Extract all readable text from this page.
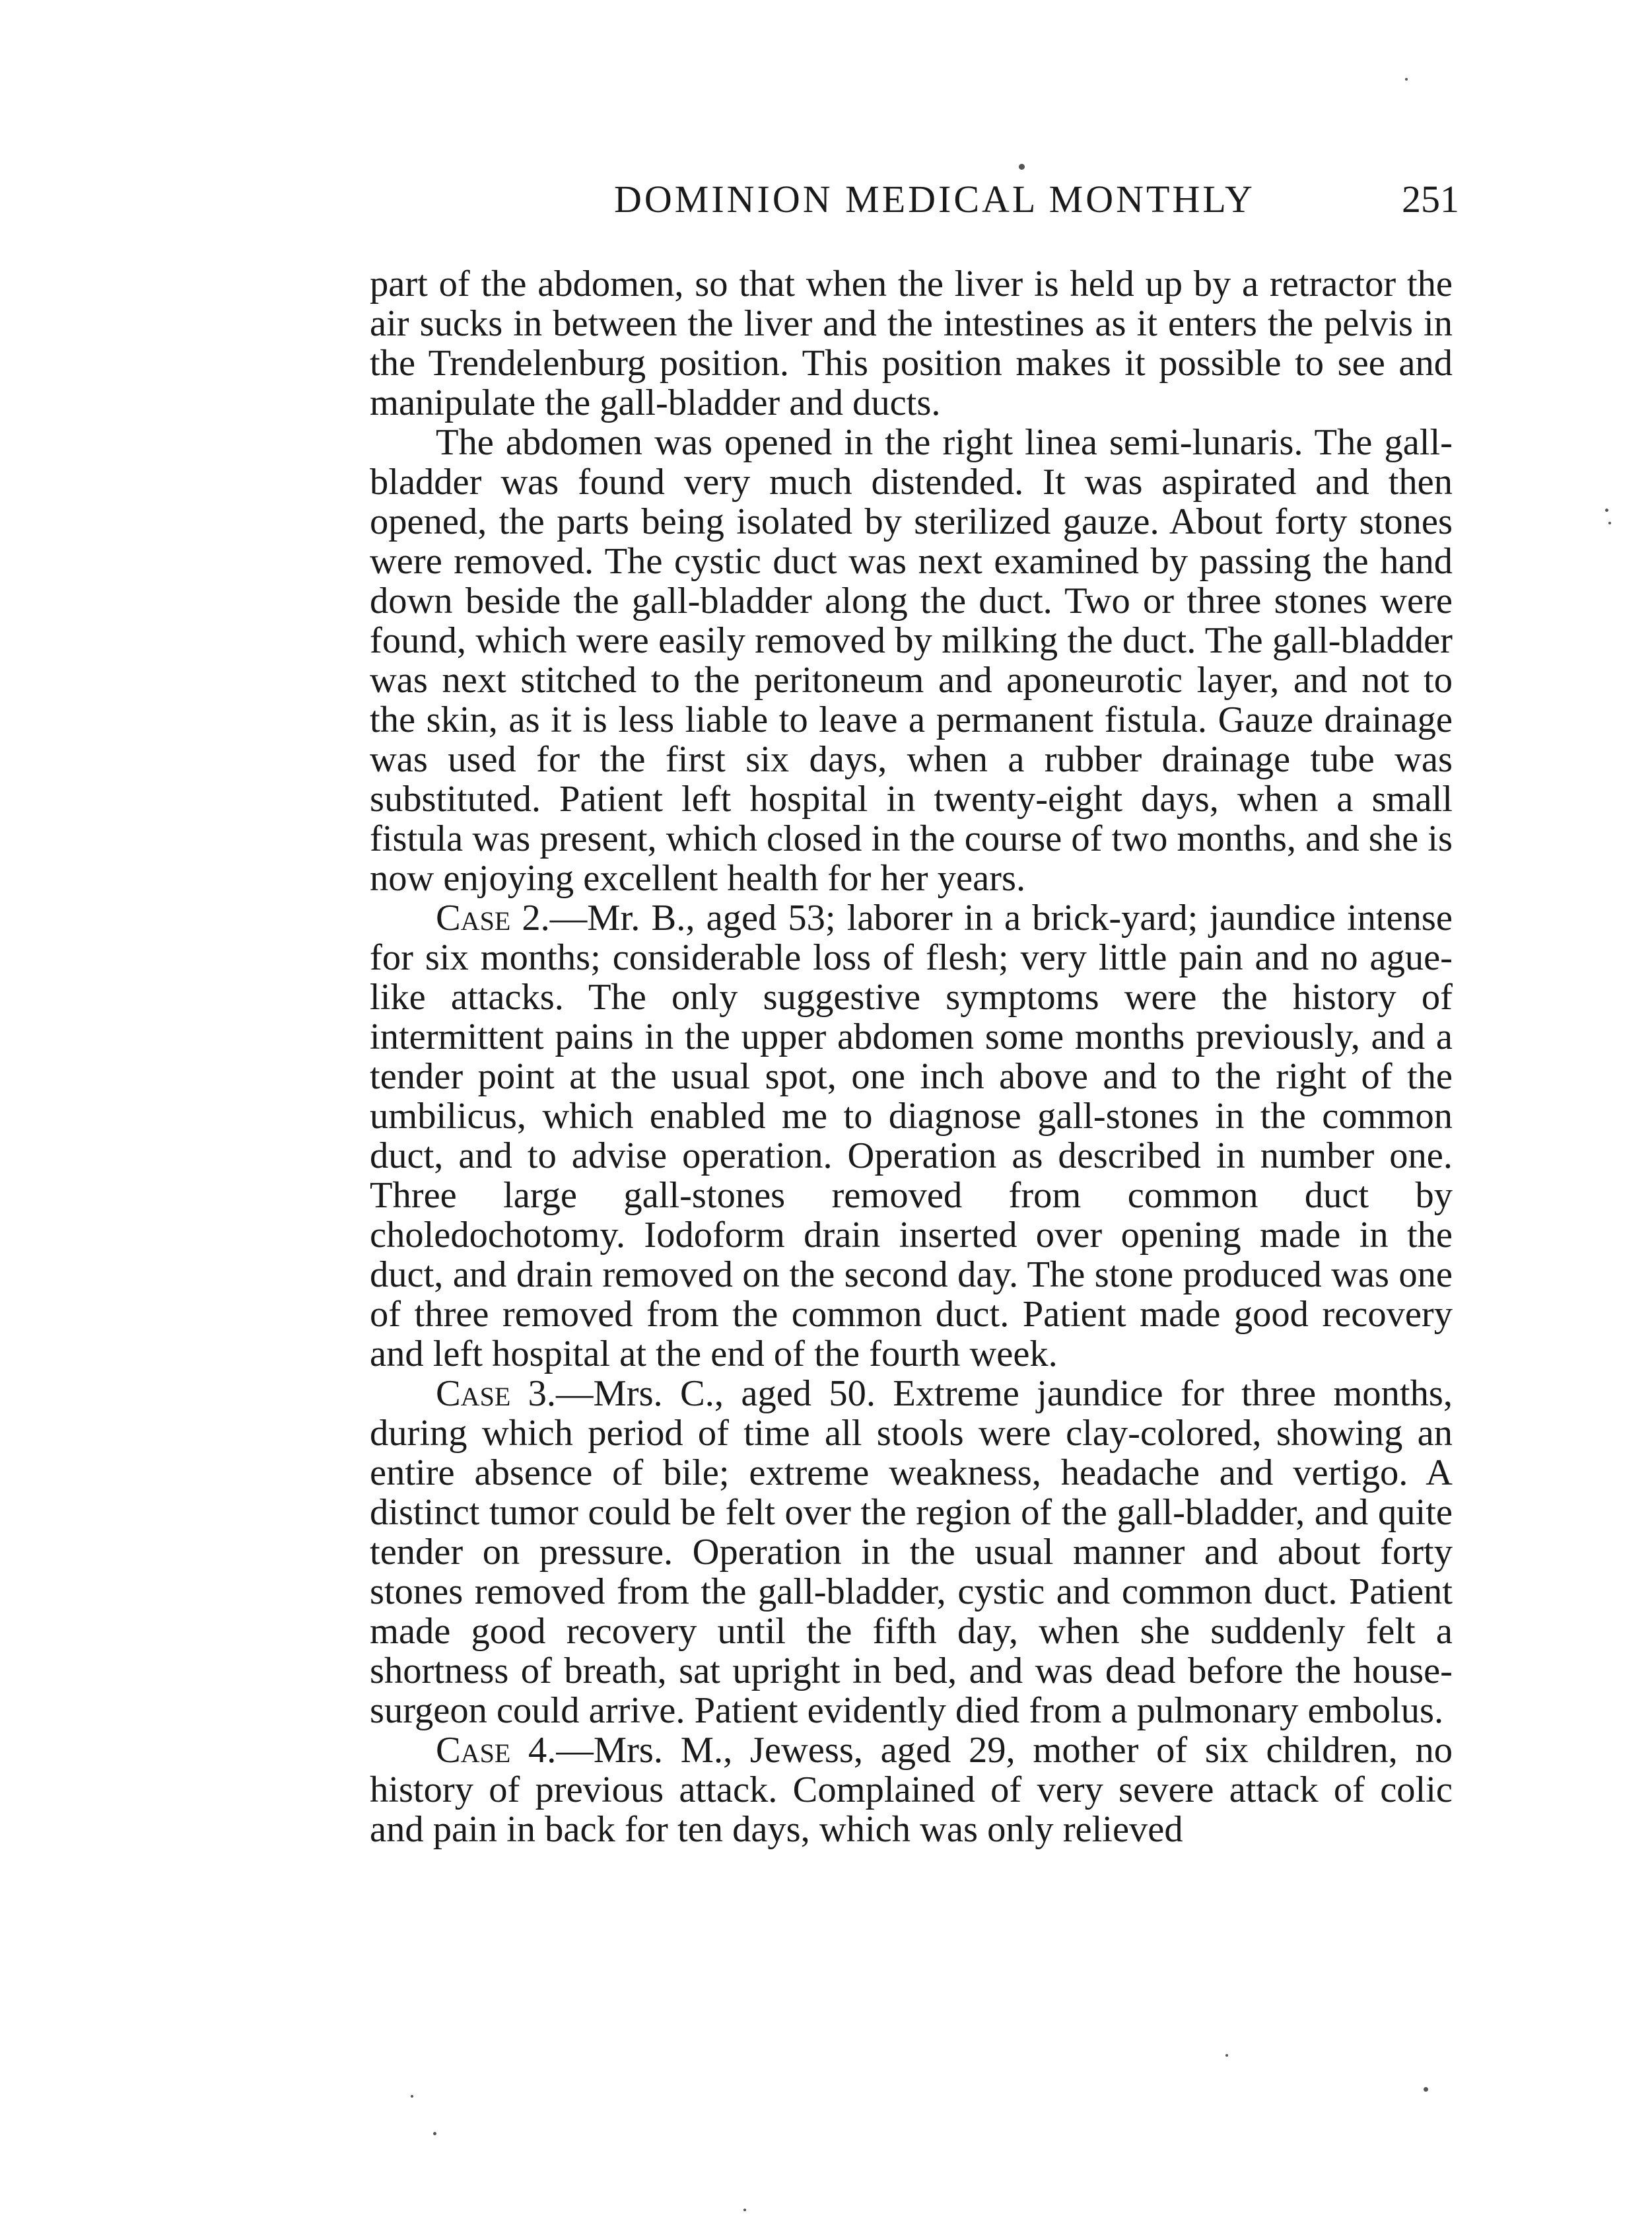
DOMINION MEDICAL MONTHLY	251

part of the abdomen, so that when the liver is held up by a retractor the air sucks in between the liver and the intestines as it enters the pelvis in the Trendelenburg position. This position makes it possible to see and manipulate the gall-bladder and ducts.

The abdomen was opened in the right linea semi-lunaris. The gall-bladder was found very much distended. It was aspirated and then opened, the parts being isolated by sterilized gauze. About forty stones were removed. The cystic duct was next examined by passing the hand down beside the gall-bladder along the duct. Two or three stones were found, which were easily removed by milking the duct. The gall-bladder was next stitched to the peritoneum and aponeurotic layer, and not to the skin, as it is less liable to leave a permanent fistula. Gauze drainage was used for the first six days, when a rubber drainage tube was substituted. Patient left hospital in twenty-eight days, when a small fistula was present, which closed in the course of two months, and she is now enjoying excellent health for her years.

Case 2.—Mr. B., aged 53; laborer in a brick-yard; jaundice intense for six months; considerable loss of flesh; very little pain and no ague-like attacks. The only suggestive symptoms were the history of intermittent pains in the upper abdomen some months previously, and a tender point at the usual spot, one inch above and to the right of the umbilicus, which enabled me to diagnose gall-stones in the common duct, and to advise operation. Operation as described in number one. Three large gall-stones removed from common duct by choledochotomy. Iodoform drain inserted over opening made in the duct, and drain removed on the second day. The stone produced was one of three removed from the common duct. Patient made good recovery and left hospital at the end of the fourth week.

Case 3.—Mrs. C., aged 50. Extreme jaundice for three months, during which period of time all stools were clay-colored, showing an entire absence of bile; extreme weakness, headache and vertigo. A distinct tumor could be felt over the region of the gall-bladder, and quite tender on pressure. Operation in the usual manner and about forty stones removed from the gall-bladder, cystic and common duct. Patient made good recovery until the fifth day, when she suddenly felt a shortness of breath, sat upright in bed, and was dead before the house-surgeon could arrive. Patient evidently died from a pulmonary embolus.

Case 4.—Mrs. M., Jewess, aged 29, mother of six children, no history of previous attack. Complained of very severe attack of colic and pain in back for ten days, which was only relieved
